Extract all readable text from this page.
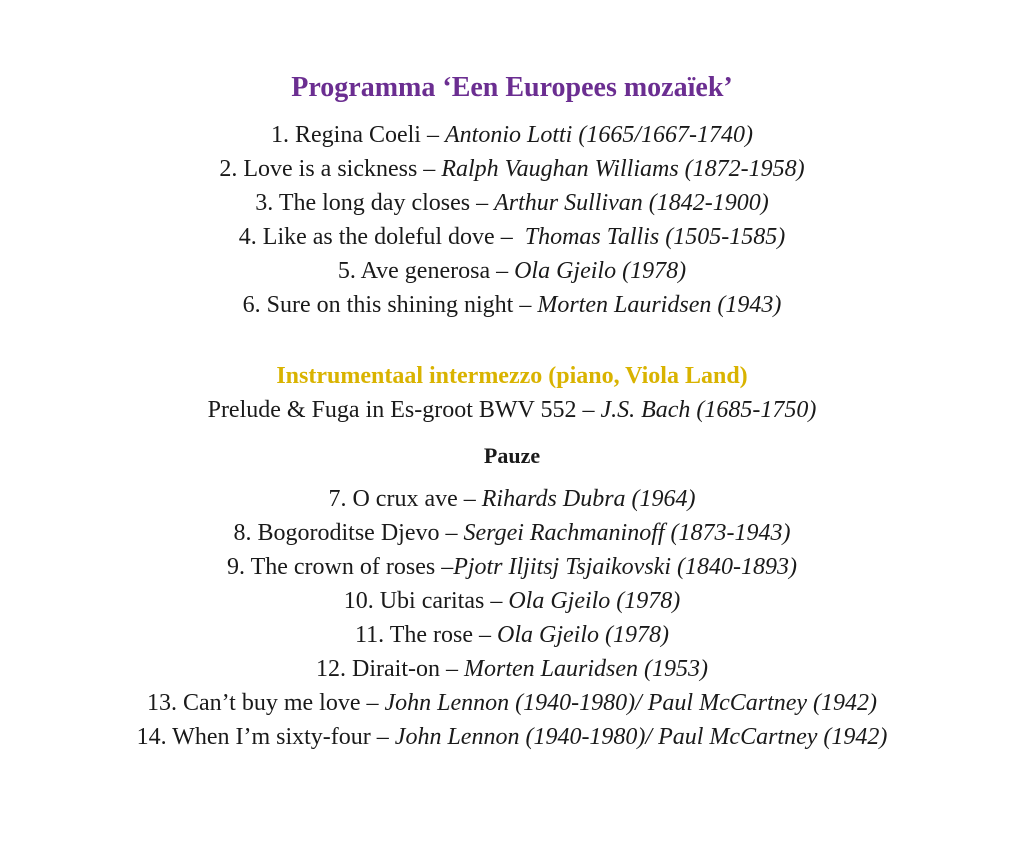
Programma ‘Een Europees mozaïek’
1. Regina Coeli – Antonio Lotti (1665/1667-1740)
2. Love is a sickness – Ralph Vaughan Williams (1872-1958)
3. The long day closes – Arthur Sullivan (1842-1900)
4. Like as the doleful dove –  Thomas Tallis (1505-1585)
5. Ave generosa – Ola Gjeilo (1978)
6. Sure on this shining night – Morten Lauridsen (1943)
Instrumentaal intermezzo (piano, Viola Land)
Prelude & Fuga in Es-groot BWV 552 – J.S. Bach (1685-1750)
Pauze
7. O crux ave – Rihards Dubra (1964)
8. Bogoroditse Djevo – Sergei Rachmaninoff (1873-1943)
9. The crown of roses –Pjotr Iljitsj Tsjaikovski (1840-1893)
10. Ubi caritas – Ola Gjeilo (1978)
11. The rose – Ola Gjeilo (1978)
12. Dirait-on – Morten Lauridsen (1953)
13. Can’t buy me love – John Lennon (1940-1980)/ Paul McCartney (1942)
14. When I’m sixty-four – John Lennon (1940-1980)/ Paul McCartney (1942)
